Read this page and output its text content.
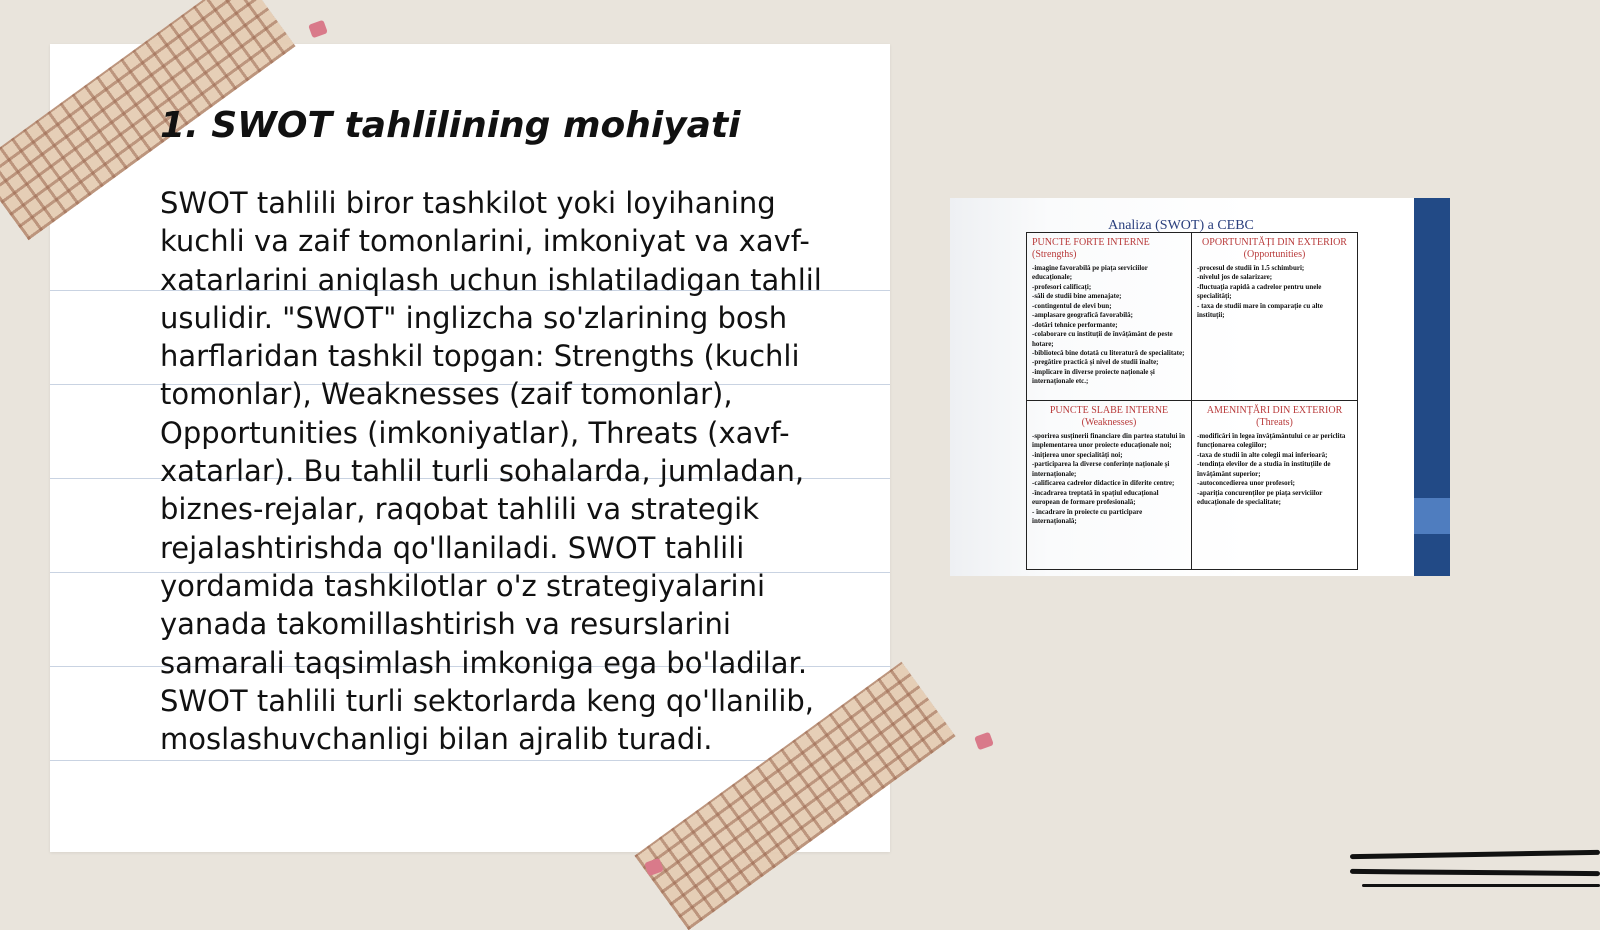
1. SWOT tahlilining mohiyati

SWOT tahlili biror tashkilot yoki loyihaning kuchli va zaif tomonlarini, imkoniyat va xavf-xatarlarini aniqlash uchun ishlatiladigan tahlil usulidir. "SWOT" inglizcha so'zlarining bosh harflaridan tashkil topgan: Strengths (kuchli tomonlar), Weaknesses (zaif tomonlar), Opportunities (imkoniyatlar), Threats (xavf-xatarlar). Bu tahlil turli sohalarda, jumladan, biznes-rejalar, raqobat tahlili va strategik rejalashtirishda qo'llaniladi. SWOT tahlili yordamida tashkilotlar o'z strategiyalarini yanada takomillashtirish va resurslarini samarali taqsimlash imkoniga ega bo'ladilar. SWOT tahlili turli sektorlarda keng qo'llanilib, moslashuvchanligi bilan ajralib turadi.

Analiza (SWOT) a CEBC
PUNCTE FORTE INTERNE (Strengths)
-imagine favorabilă pe piața serviciilor educaționale;
-profesori calificați;
-săli de studii bine amenajate;
-contingentul de elevi bun;
-amplasare geografică favorabilă;
-dotări tehnice performante;
-colaborare cu instituții de învățământ de peste hotare;
-bibliotecă bine dotată cu literatură de specialitate;
-pregătire practică și nivel de studii înalte;
-implicare în diverse proiecte naționale și internaționale etc.;
OPORTUNITĂȚI DIN EXTERIOR (Opportunities)
-procesul de studii în 1.5 schimburi;
-nivelul jos de salarizare;
-fluctuația rapidă a cadrelor pentru unele specialități;
- taxa de studii mare în comparație cu alte instituții;
PUNCTE SLABE INTERNE (Weaknesses)
-sporirea susținerii financiare din partea statului în implementarea unor proiecte educaționale noi;
-inițierea unor specialități noi;
-participarea la diverse conferințe naționale și internaționale;
-calificarea cadrelor didactice în diferite centre;
-încadrarea treptată în spațiul educațional european de formare profesională;
- încadrare în proiecte cu participare internațională;
AMENINȚĂRI DIN EXTERIOR (Threats)
-modificări în legea învățământului ce ar periclita funcționarea colegiilor;
-taxa de studii în alte colegii mai inferioară;
-tendința elevilor de a studia în instituțiile de învățământ superior;
-autoconcedierea unor profesori;
-apariția concurenților pe piața serviciilor educaționale de specialitate;
